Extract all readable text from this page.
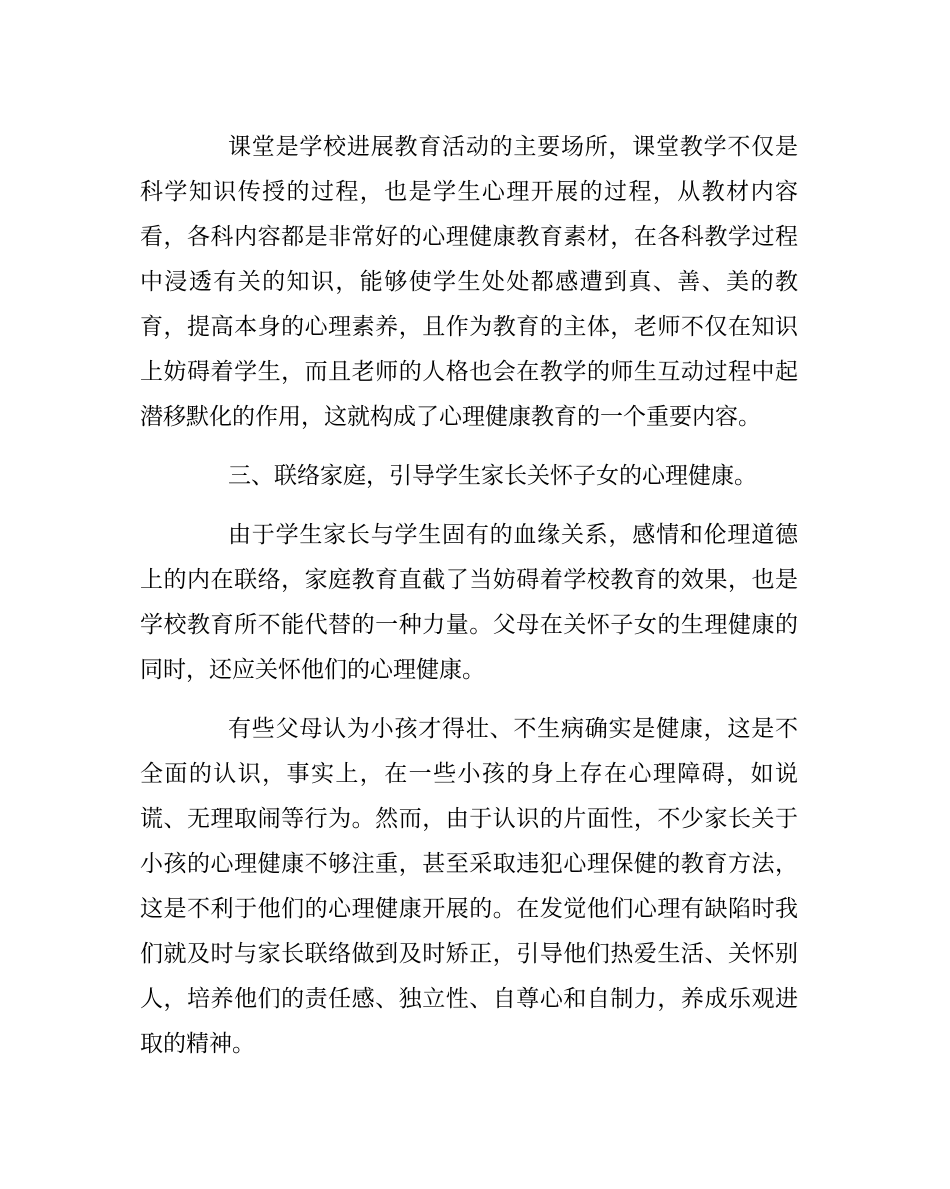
课堂是学校进展教育活动的主要场所，课堂教学不仅是科学知识传授的过程，也是学生心理开展的过程，从教材内容看，各科内容都是非常好的心理健康教育素材，在各科教学过程中浸透有关的知识，能够使学生处处都感遭到真、善、美的教育，提高本身的心理素养，且作为教育的主体，老师不仅在知识上妨碍着学生，而且老师的人格也会在教学的师生互动过程中起潜移默化的作用，这就构成了心理健康教育的一个重要内容。

三、联络家庭，引导学生家长关怀子女的心理健康。

由于学生家长与学生固有的血缘关系，感情和伦理道德上的内在联络，家庭教育直截了当妨碍着学校教育的效果，也是学校教育所不能代替的一种力量。父母在关怀子女的生理健康的同时，还应关怀他们的心理健康。

有些父母认为小孩才得壮、不生病确实是健康，这是不全面的认识，事实上，在一些小孩的身上存在心理障碍，如说谎、无理取闹等行为。然而，由于认识的片面性，不少家长关于小孩的心理健康不够注重，甚至采取违犯心理保健的教育方法，这是不利于他们的心理健康开展的。在发觉他们心理有缺陷时我们就及时与家长联络做到及时矫正，引导他们热爱生活、关怀别人，培养他们的责任感、独立性、自尊心和自制力，养成乐观进取的精神。
